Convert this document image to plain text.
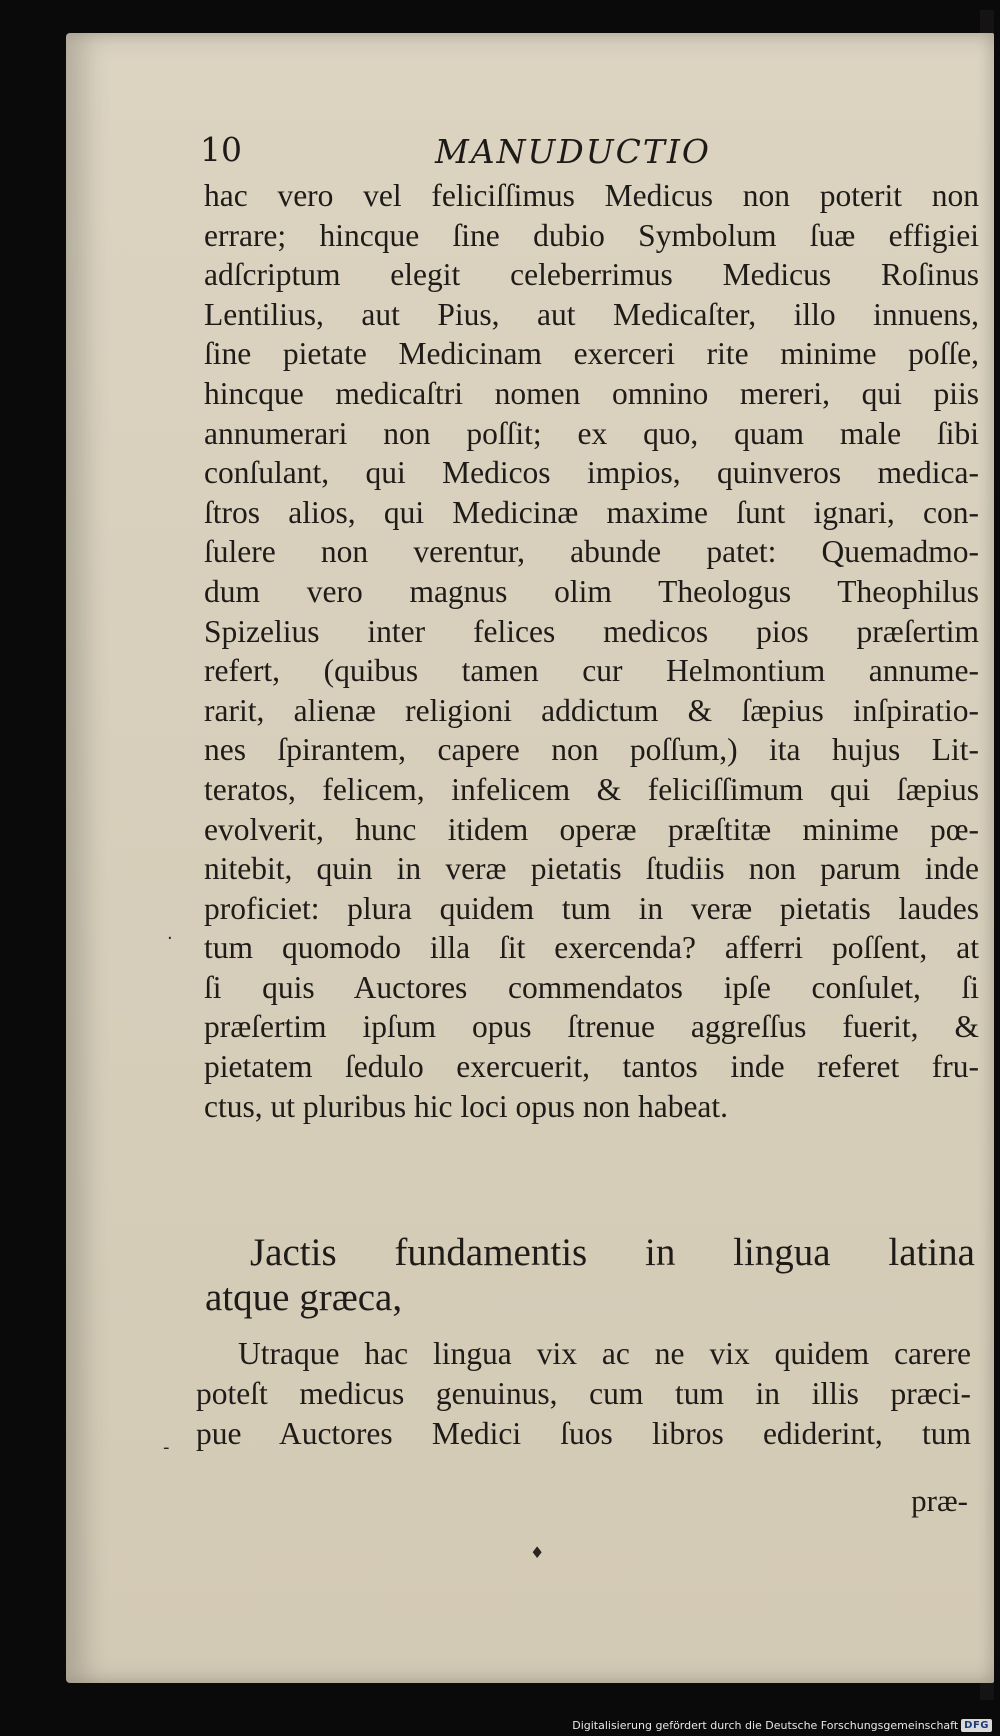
10	MANUDUCTIO
hac vero vel feliciſſimus Medicus non poterit non
errare; hincque ſine dubio Symbolum ſuæ effigiei
adſcriptum elegit celeberrimus Medicus Roſinus
Lentilius, aut Pius, aut Medicaſter, illo innuens,
ſine pietate Medicinam exerceri rite minime poſſe,
hincque medicaſtri nomen omnino mereri, qui piis
annumerari non poſſit; ex quo, quam male ſibi
conſulant, qui Medicos impios, quinveros medica-
ſtros alios, qui Medicinæ maxime ſunt ignari, con-
ſulere non verentur, abunde patet: Quemadmo-
dum vero magnus olim Theologus Theophilus
Spizelius inter felices medicos pios præſertim
refert, (quibus tamen cur Helmontium annume-
rarit, alienæ religioni addictum & ſæpius inſpiratio-
nes ſpirantem, capere non poſſum,) ita hujus Lit-
teratos, felicem, infelicem & feliciſſimum qui ſæpius
evolverit, hunc itidem operæ præſtitæ minime pœ-
nitebit, quin in veræ pietatis ſtudiis non parum inde
proficiet: plura quidem tum in veræ pietatis laudes
tum quomodo illa ſit exercenda? afferri poſſent, at
ſi quis Auctores commendatos ipſe conſulet, ſi
præſertim ipſum opus ſtrenue aggreſſus fuerit, &
pietatem ſedulo exercuerit, tantos inde referet fru-
ctus, ut pluribus hic loci opus non habeat.
Jactis fundamentis in lingua latina
atque græca,
Utraque hac lingua vix ac ne vix quidem carere
poteſt medicus genuinus, cum tum in illis præci-
pue Auctores Medici ſuos libros ediderint, tum
-
·
præ-
♦
Digitalisierung gefördert durch die Deutsche Forschungsgemeinschaft DFG
